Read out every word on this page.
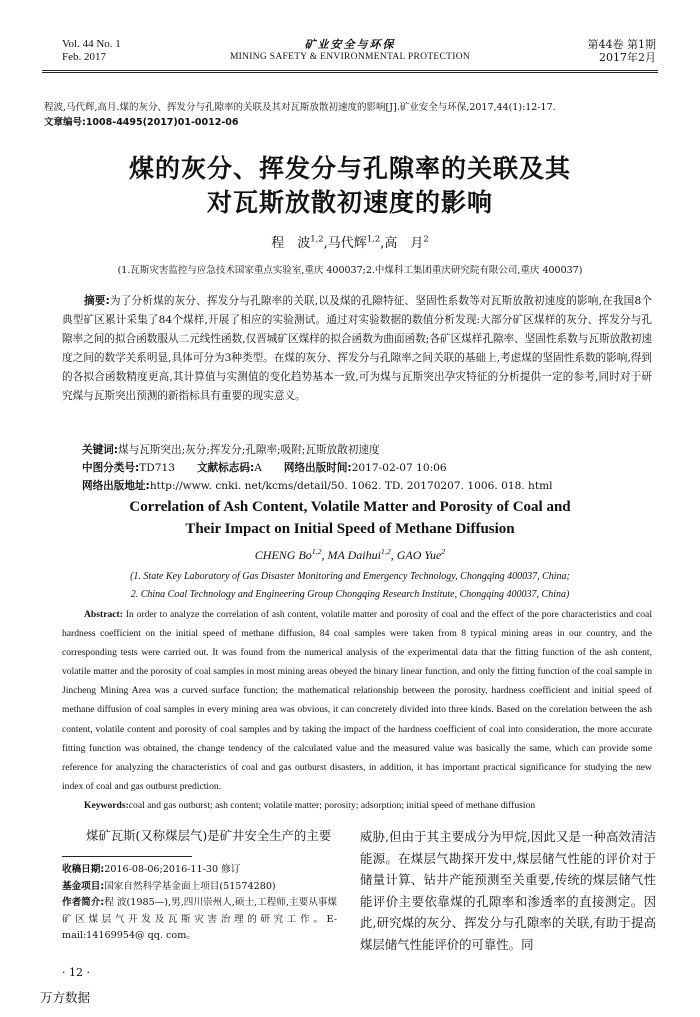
Vol. 44 No. 1
Feb. 2017
矿业安全与环保
MINING SAFETY & ENVIRONMENTAL PROTECTION
第44卷 第1期
2017年2月
程波,马代辉,高月.煤的灰分、挥发分与孔隙率的关联及其对瓦斯放散初速度的影响[J].矿业安全与环保,2017,44(1):12-17.
文章编号:1008-4495(2017)01-0012-06
煤的灰分、挥发分与孔隙率的关联及其
对瓦斯放散初速度的影响
程　波$^{1,2}$,马代辉$^{1,2}$,高　月$^2$
(1.瓦斯灾害监控与应急技术国家重点实验室,重庆 400037;2.中煤科工集团重庆研究院有限公司,重庆 400037)
摘要:为了分析煤的灰分、挥发分与孔隙率的关联,以及煤的孔隙特征、坚固性系数等对瓦斯放散初速度的影响,在我国8个典型矿区累计采集了84个煤样,开展了相应的实验测试。通过对实验数据的数值分析发现:大部分矿区煤样的灰分、挥发分与孔隙率之间的拟合函数服从二元线性函数,仅晋城矿区煤样的拟合函数为曲面函数;各矿区煤样孔隙率、坚固性系数与瓦斯放散初速度之间的数学关系明显,具体可分为3种类型。在煤的灰分、挥发分与孔隙率之间关联的基础上,考虑煤的坚固性系数的影响,得到的各拟合函数精度更高,其计算值与实测值的变化趋势基本一致,可为煤与瓦斯突出孕灾特征的分析提供一定的参考,同时对于研究煤与瓦斯突出预测的新指标具有重要的现实意义。
关键词:煤与瓦斯突出;灰分;挥发分;孔隙率;吸附;瓦斯放散初速度
中图分类号:TD713 文献标志码:A 网络出版时间:2017-02-07 10:06
网络出版地址:http://www. cnki. net/kcms/detail/50. 1062. TD. 20170207. 1006. 018. html
Correlation of Ash Content, Volatile Matter and Porosity of Coal and
Their Impact on Initial Speed of Methane Diffusion
CHENG Bo$^{1,2}$, MA Daihui$^{1,2}$, GAO Yue$^2$
(1. State Key Laboratory of Gas Disaster Monitoring and Emergency Technology, Chongqing 400037, China;
2. China Coal Technology and Engineering Group Chongqing Research Institute, Chongqing 400037, China)
Abstract: In order to analyze the correlation of ash content, volatile matter and porosity of coal and the effect of the pore characteristics and coal hardness coefficient on the initial speed of methane diffusion, 84 coal samples were taken from 8 typical mining areas in our country, and the corresponding tests were carried out. It was found from the numerical analysis of the experimental data that the fitting function of the ash content, volatile matter and the porosity of coal samples in most mining areas obeyed the binary linear function, and only the fitting function of the coal sample in Jincheng Mining Area was a curved surface function; the mathematical relationship between the porosity, hardness coefficient and initial speed of methane diffusion of coal samples in every mining area was obvious, it can concretely divided into three kinds. Based on the corelation between the ash content, volatile content and porosity of coal samples and by taking the impact of the hardness coefficient of coal into consideration, the more accurate fitting function was obtained, the change tendency of the calculated value and the measured value was basically the same, which can provide some reference for analyzing the characteristics of coal and gas outburst disasters, in addition, it has important practical significance for studying the new index of coal and gas outburst prediction.
Keywords:coal and gas outburst; ash content; volatile matter; porosity; adsorption; initial speed of methane diffusion
煤矿瓦斯(又称煤层气)是矿井安全生产的主要 威胁,但由于其主要成分为甲烷,因此又是一种高效清洁能源。在煤层气勘探开发中,煤层储气性能的评价对于储量计算、钻井产能预测至关重要,传统的煤层储气性能评价主要依靠煤的孔隙率和渗透率的直接测定。因此,研究煤的灰分、挥发分与孔隙率的关联,有助于提高煤层储气性能评价的可靠性。同
收稿日期:2016-08-06;2016-11-30 修订
基金项目:国家自然科学基金面上项目(51574280)
作者简介:程 波(1985—),男,四川崇州人,硕士,工程师,主要从事煤矿区煤层气开发及瓦斯灾害治理的研究工作。E-mail:14169954@ qq. com。
· 12 ·
万方数据
